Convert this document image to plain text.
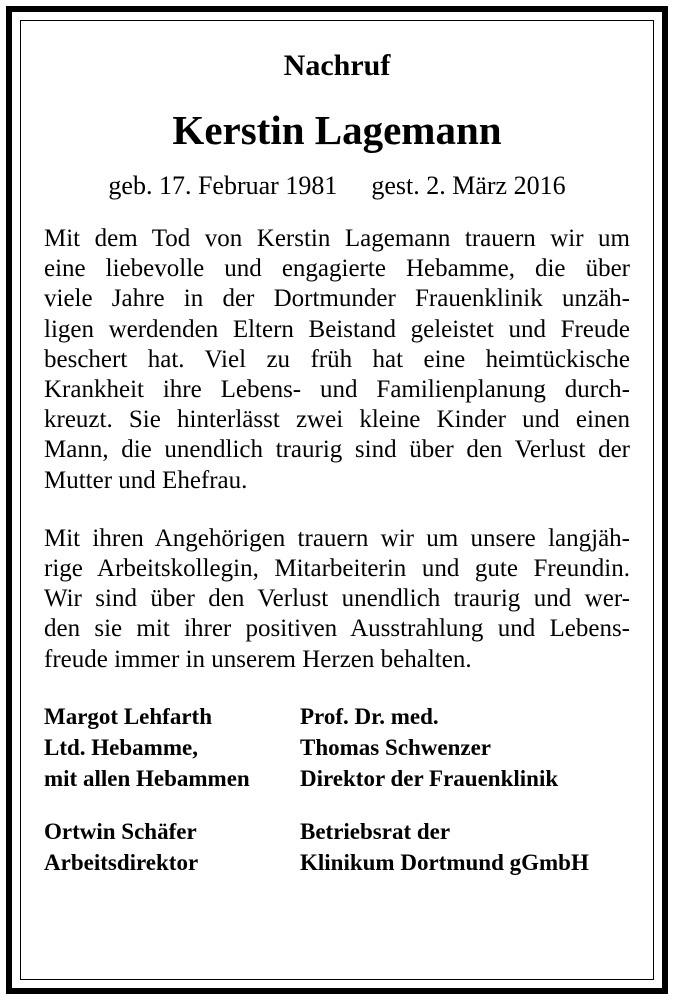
Nachruf
Kerstin Lagemann
geb. 17. Februar 1981 gest. 2. März 2016
Mit dem Tod von Kerstin Lagemann trauern wir um
eine liebevolle und engagierte Hebamme, die über
viele Jahre in der Dortmunder Frauenklinik unzäh-
ligen werdenden Eltern Beistand geleistet und Freude
beschert hat. Viel zu früh hat eine heimtückische
Krankheit ihre Lebens- und Familienplanung durch-
kreuzt. Sie hinterlässt zwei kleine Kinder und einen
Mann, die unendlich traurig sind über den Verlust der
Mutter und Ehefrau.
Mit ihren Angehörigen trauern wir um unsere langjäh-
rige Arbeitskollegin, Mitarbeiterin und gute Freundin.
Wir sind über den Verlust unendlich traurig und wer-
den sie mit ihrer positiven Ausstrahlung und Lebens-
freude immer in unserem Herzen behalten.
Margot Lehfarth
Ltd. Hebamme,
mit allen Hebammen
Prof. Dr. med.
Thomas Schwenzer
Direktor der Frauenklinik
Ortwin Schäfer
Arbeitsdirektor
Betriebsrat der
Klinikum Dortmund gGmbH
